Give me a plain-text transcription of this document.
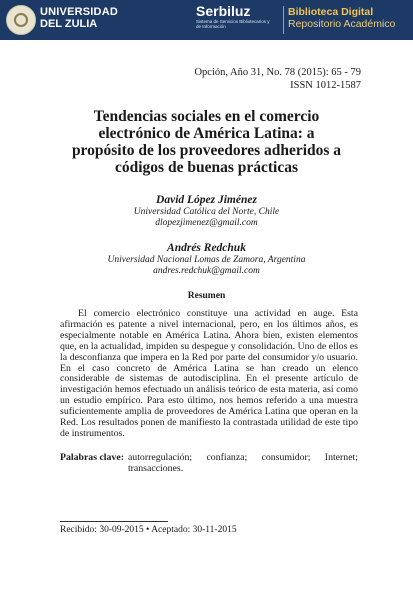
UNIVERSIDAD
DEL ZULIA
Serbiluz
Sistema de Servicios Bibliotecarios y de Información
Biblioteca Digital
Repositorio Académico
Opción, Año 31, No. 78 (2015): 65 - 79
ISSN 1012-1587
Tendencias sociales en el comercio
electrónico de América Latina: a
propósito de los proveedores adheridos a
códigos de buenas prácticas
David López Jiménez
Universidad Católica del Norte, Chile
dlopezjimenez@gmail.com
Andrés Redchuk
Universidad Nacional Lomas de Zamora, Argentina
andres.redchuk@gmail.com
Resumen

El comercio electrónico constituye una actividad en auge. Esta afirmación es patente a nivel internacional, pero, en los últimos años, es especialmente notable en América Latina. Ahora bien, existen elementos que, en la actualidad, impiden su despegue y consolidación. Uno de ellos es la desconfianza que impera en la Red por parte del consumidor y/o usuario. En el caso concreto de América Latina se han creado un elenco considerable de sistemas de autodisciplina. En el presente artículo de investigación hemos efectuado un análisis teórico de esta materia, así como un estudio empírico. Para esto último, nos hemos referido a una muestra suficientemente amplia de proveedores de América Latina que operan en la Red. Los resultados ponen de manifiesto la contrastada utilidad de este tipo de instrumentos.

Palabras clave: autorregulación; confianza; consumidor; Internet; transacciones.
Recibido: 30-09-2015 • Aceptado: 30-11-2015
